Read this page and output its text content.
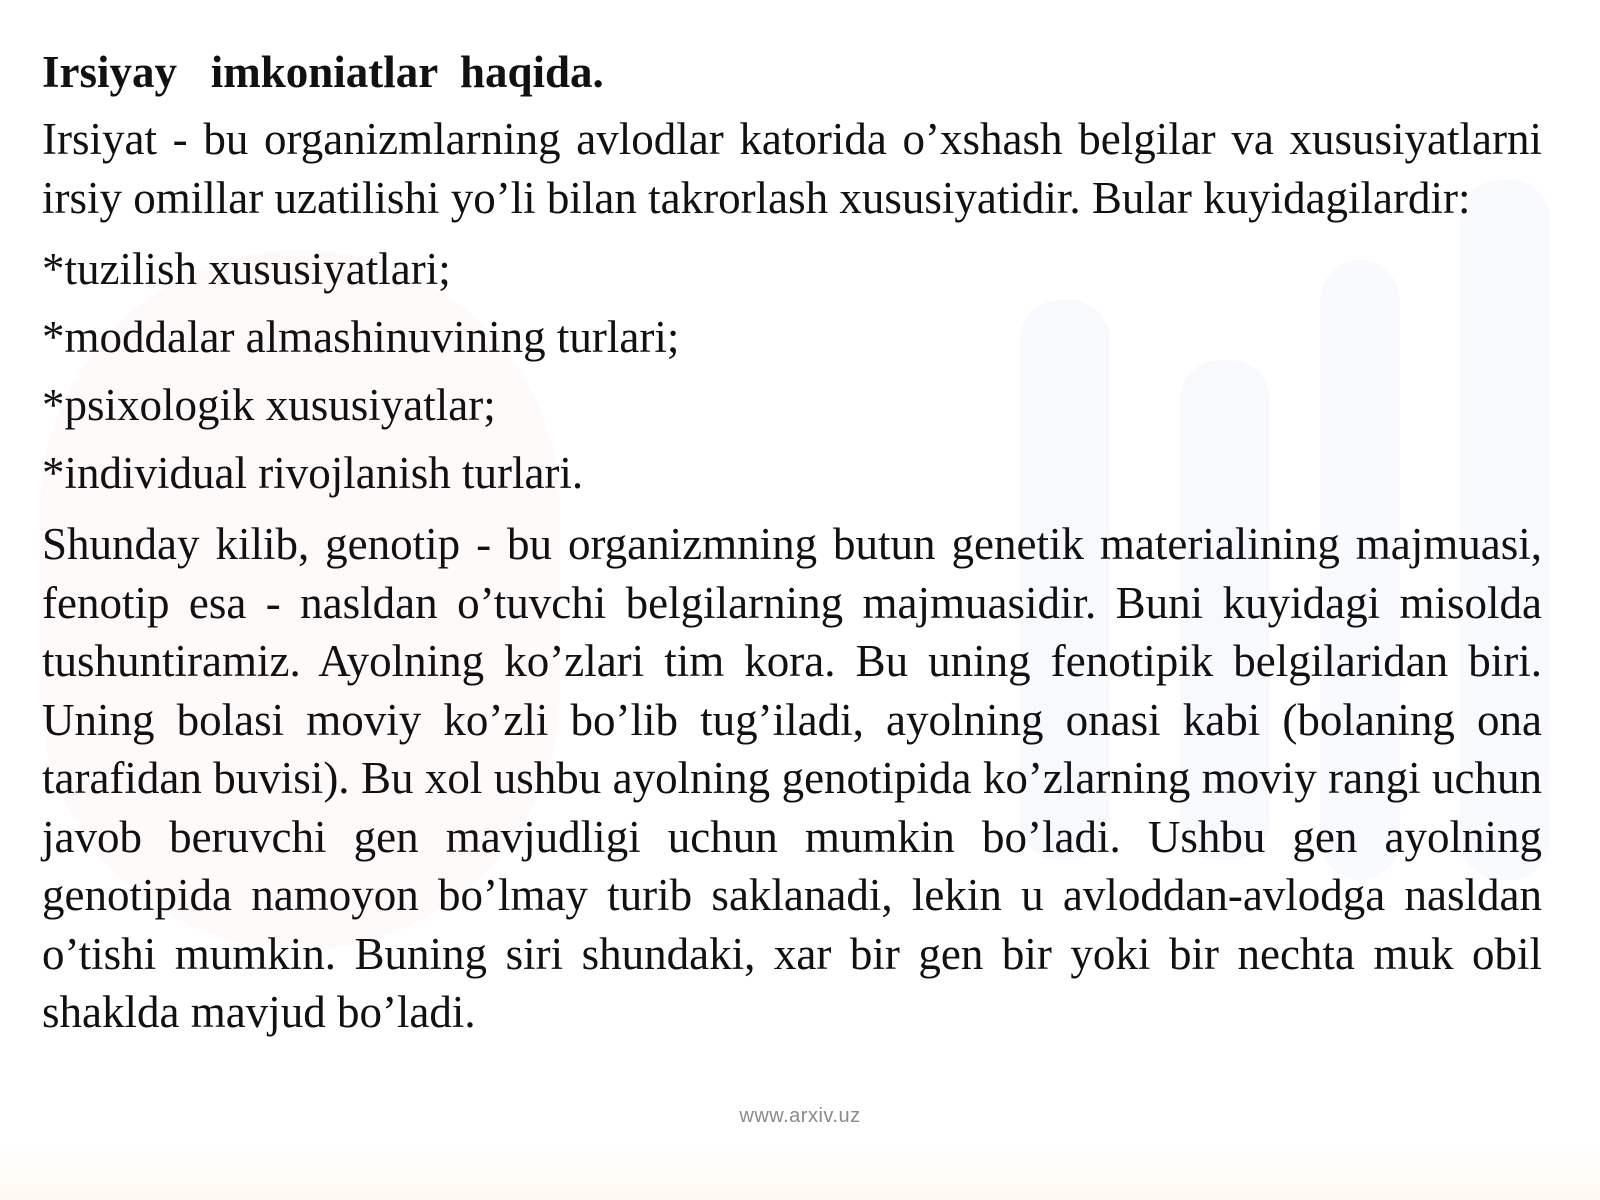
Irsiyay   imkoniatlar  haqida.

Irsiyat - bu organizmlarning avlodlar katorida o’xshash belgilar va xususiyatlarni irsiy omillar uzatilishi yo’li bilan takrorlash xususiyatidir. Bular kuyidagilardir:

*tuzilish xususiyatlari;

*moddalar almashinuvining turlari;

*psixologik xususiyatlar;

*individual rivojlanish turlari.

Shunday kilib, genotip - bu organizmning butun genetik materialining majmuasi, fenotip esa - nasldan o’tuvchi belgilarning majmuasidir. Buni kuyidagi misolda tushuntiramiz. Ayolning ko’zlari tim kora. Bu uning fenotipik belgilaridan biri. Uning bolasi moviy ko’zli bo’lib tug’iladi, ayolning onasi kabi (bolaning ona tarafidan buvisi). Bu xol ushbu ayolning genotipida ko’zlarning moviy rangi uchun javob beruvchi gen mavjudligi uchun mumkin bo’ladi. Ushbu gen ayolning genotipida namoyon bo’lmay turib saklanadi, lekin u avloddan-avlodga nasldan o’tishi mumkin. Buning siri shundaki, xar bir gen bir yoki bir nechta muk obil shaklda mavjud bo’ladi.

www.arxiv.uz
